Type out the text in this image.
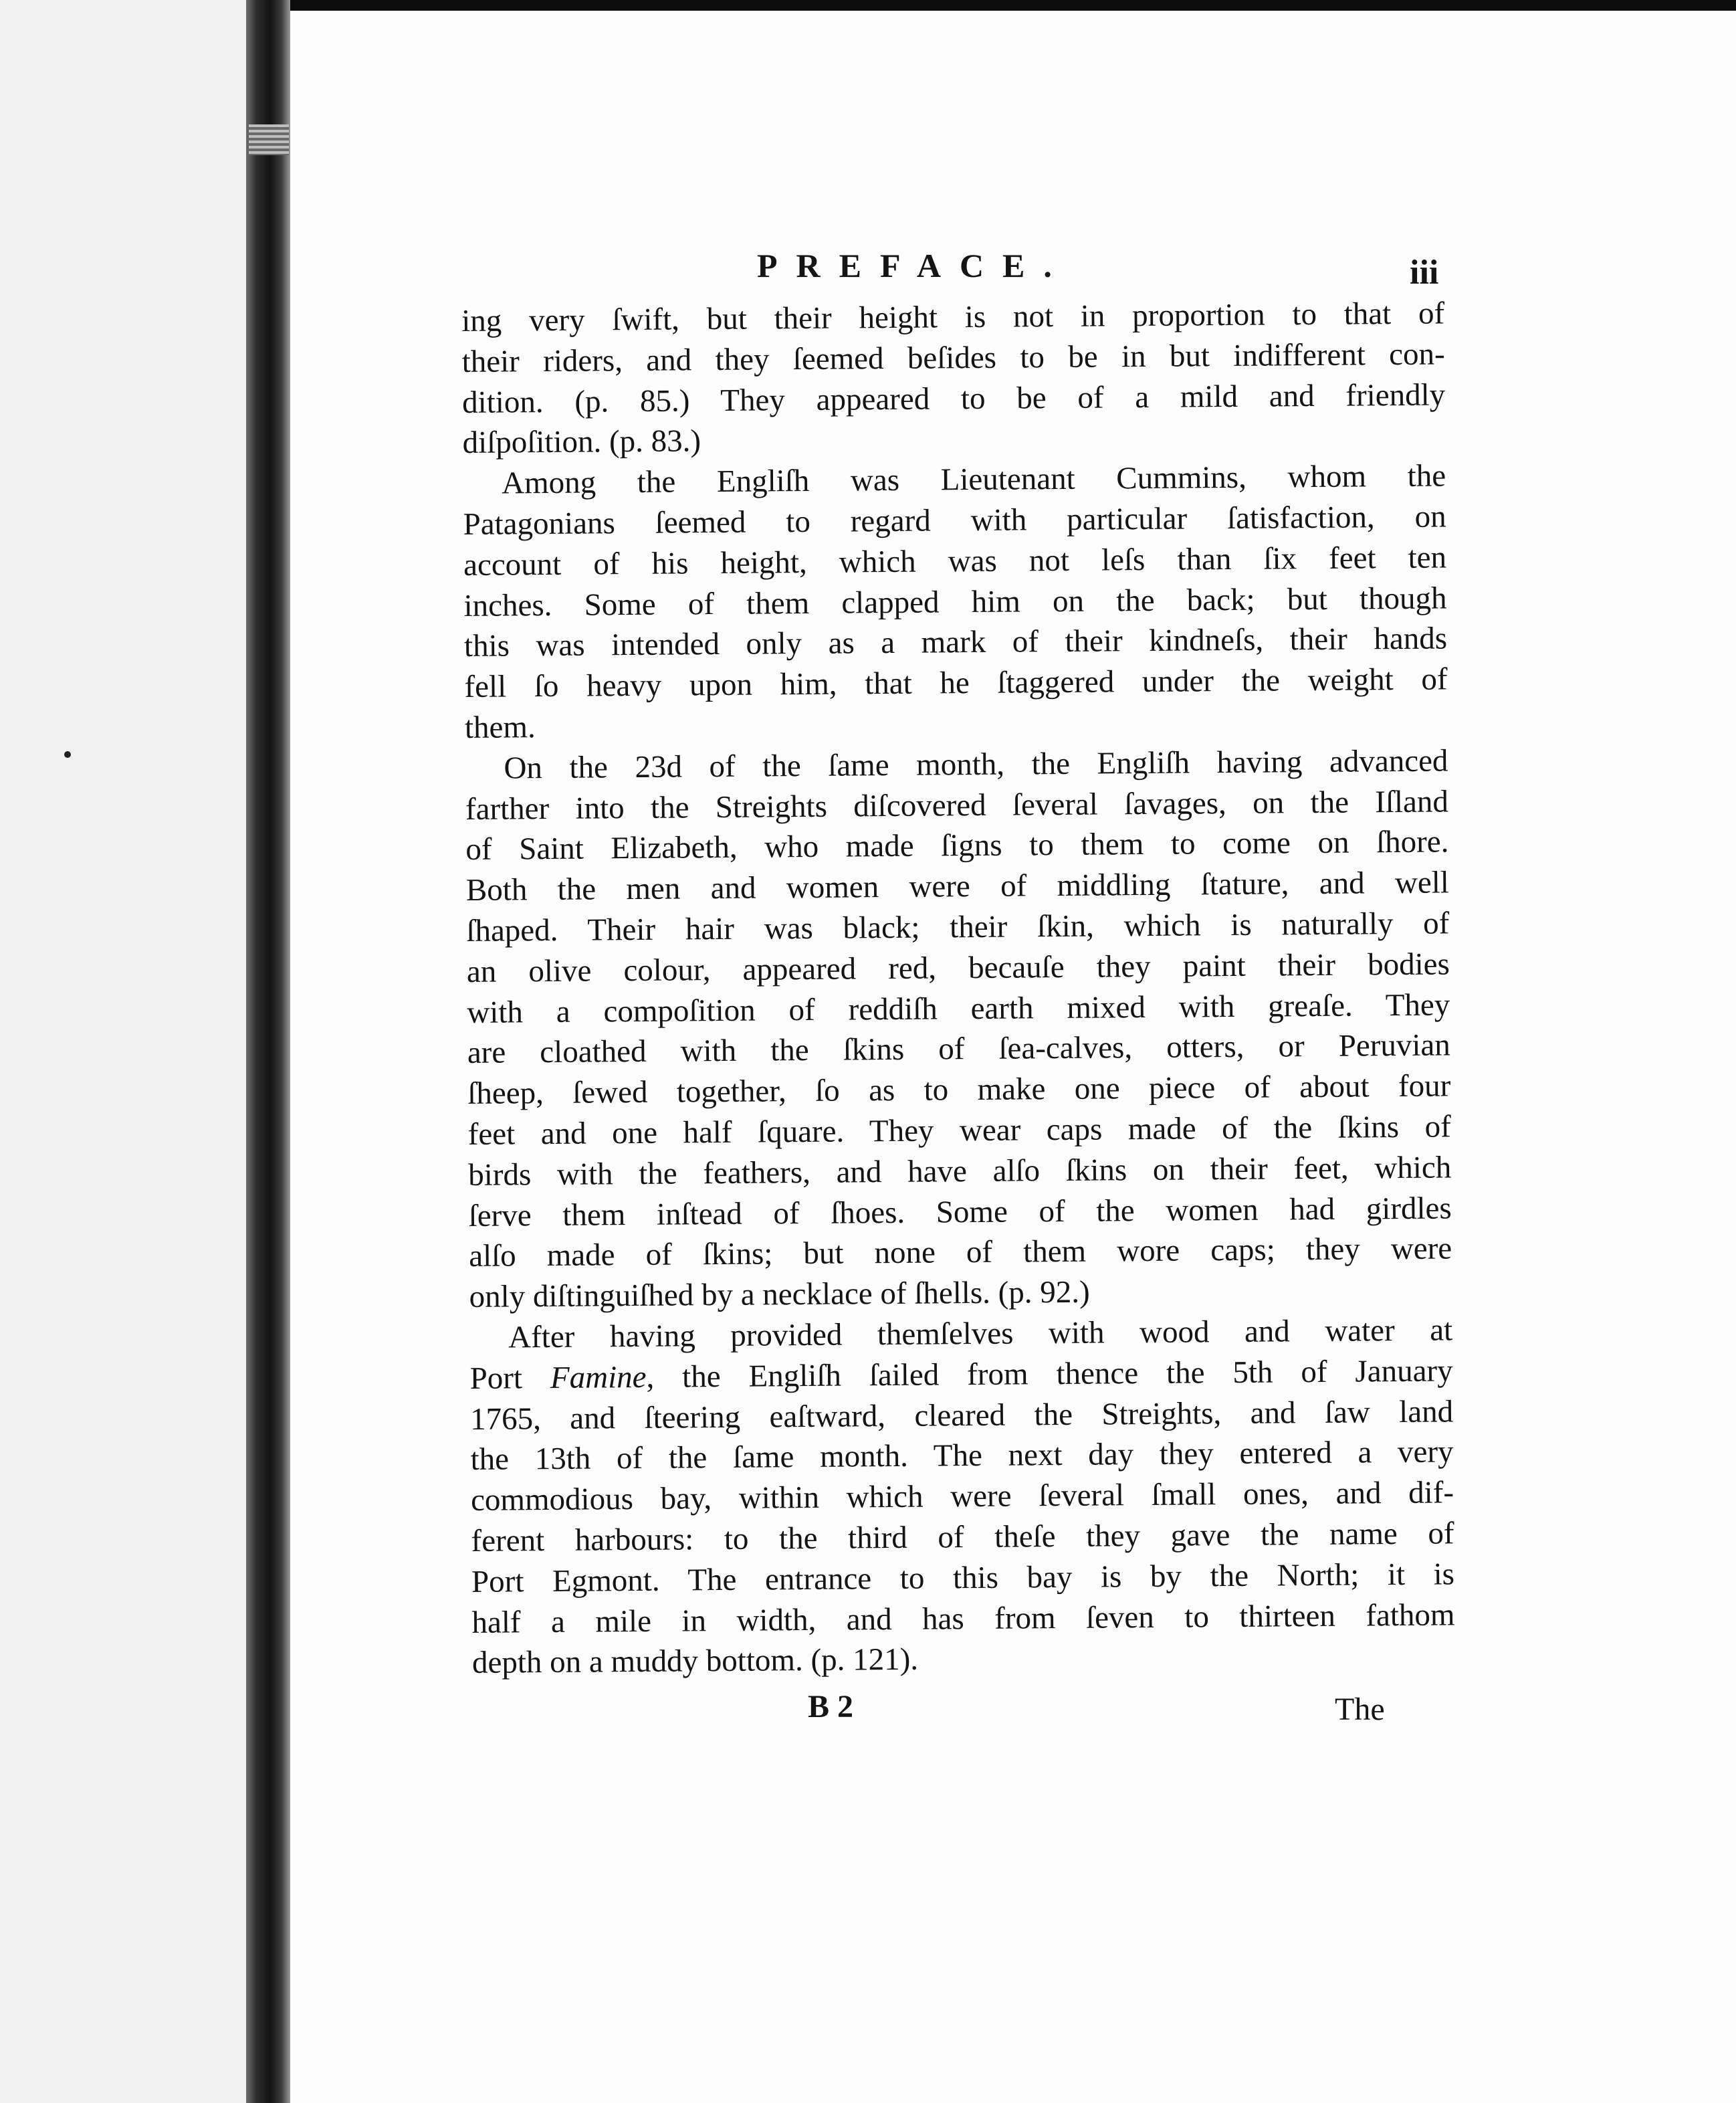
PREFACE.	iii
ing very ſwift, but their height is not in proportion to that of
their riders, and they ſeemed beſides to be in but indifferent con-
dition. (p. 85.) They appeared to be of a mild and friendly
diſpoſition. (p. 83.)
Among the Engliſh was Lieutenant Cummins, whom the
Patagonians ſeemed to regard with particular ſatisfaction, on
account of his height, which was not leſs than ſix feet ten
inches. Some of them clapped him on the back; but though
this was intended only as a mark of their kindneſs, their hands
fell ſo heavy upon him, that he ſtaggered under the weight of
them.
On the 23d of the ſame month, the Engliſh having advanced
farther into the Streights diſcovered ſeveral ſavages, on the Iſland
of Saint Elizabeth, who made ſigns to them to come on ſhore.
Both the men and women were of middling ſtature, and well
ſhaped. Their hair was black; their ſkin, which is naturally of
an olive colour, appeared red, becauſe they paint their bodies
with a compoſition of reddiſh earth mixed with greaſe. They
are cloathed with the ſkins of ſea-calves, otters, or Peruvian
ſheep, ſewed together, ſo as to make one piece of about four
feet and one half ſquare. They wear caps made of the ſkins of
birds with the feathers, and have alſo ſkins on their feet, which
ſerve them inſtead of ſhoes. Some of the women had girdles
alſo made of ſkins; but none of them wore caps; they were
only diſtinguiſhed by a necklace of ſhells. (p. 92.)
After having provided themſelves with wood and water at
Port Famine, the Engliſh ſailed from thence the 5th of January
1765, and ſteering eaſtward, cleared the Streights, and ſaw land
the 13th of the ſame month. The next day they entered a very
commodious bay, within which were ſeveral ſmall ones, and dif-
ferent harbours: to the third of theſe they gave the name of
Port Egmont. The entrance to this bay is by the North; it is
half a mile in width, and has from ſeven to thirteen fathom
depth on a muddy bottom. (p. 121).
B 2	The
